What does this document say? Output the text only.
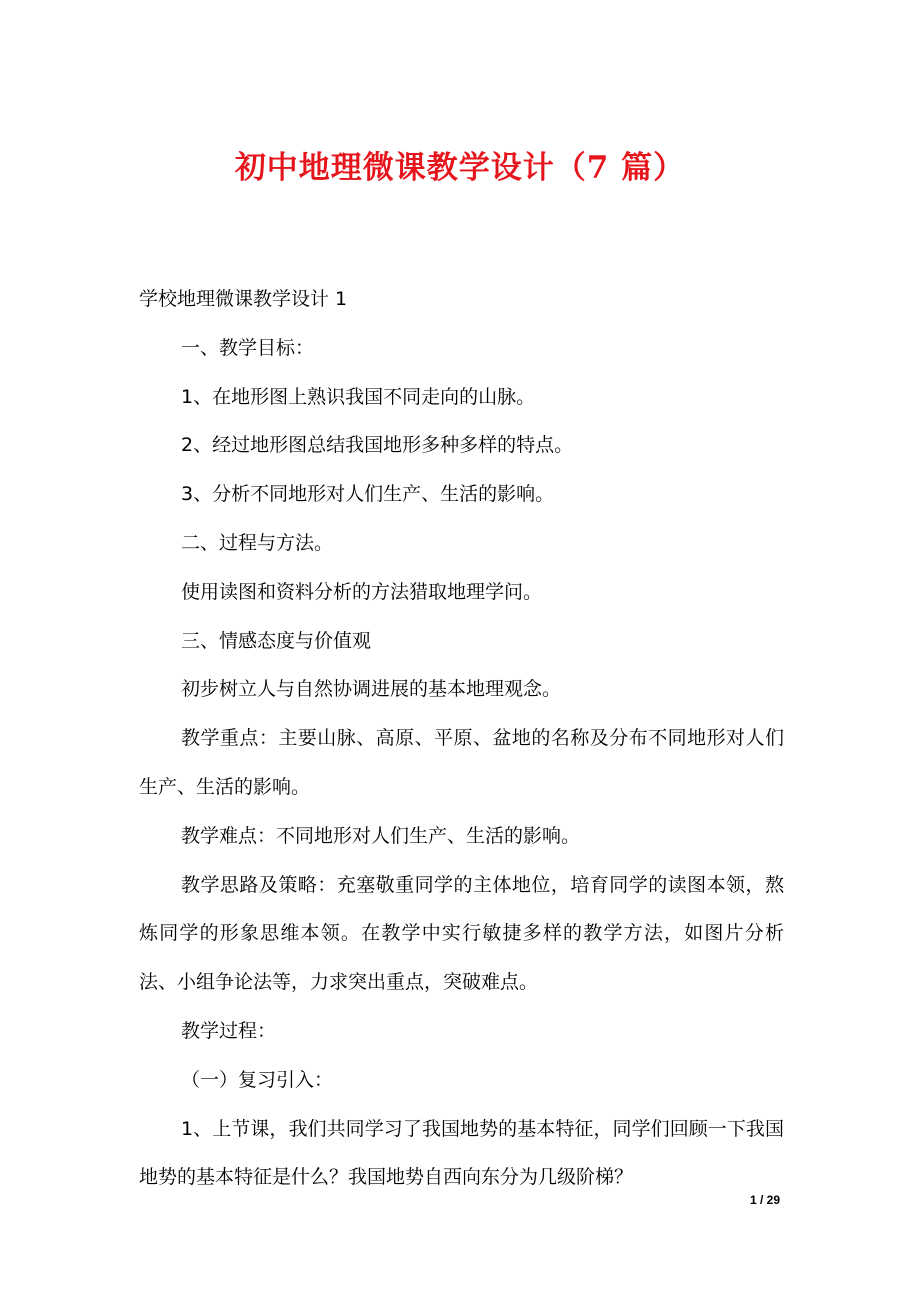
初中地理微课教学设计（7 篇）

学校地理微课教学设计 1

一、教学目标：

1、在地形图上熟识我国不同走向的山脉。

2、经过地形图总结我国地形多种多样的特点。

3、分析不同地形对人们生产、生活的影响。

二、过程与方法。

使用读图和资料分析的方法猎取地理学问。

三、情感态度与价值观

初步树立人与自然协调进展的基本地理观念。

教学重点：主要山脉、高原、平原、盆地的名称及分布不同地形对人们生产、生活的影响。

教学难点：不同地形对人们生产、生活的影响。

教学思路及策略：充塞敬重同学的主体地位，培育同学的读图本领，熬炼同学的形象思维本领。在教学中实行敏捷多样的教学方法，如图片分析法、小组争论法等，力求突出重点，突破难点。

教学过程：

（一）复习引入：

1、上节课，我们共同学习了我国地势的基本特征，同学们回顾一下我国地势的基本特征是什么？我国地势自西向东分为几级阶梯？

1 / 29
